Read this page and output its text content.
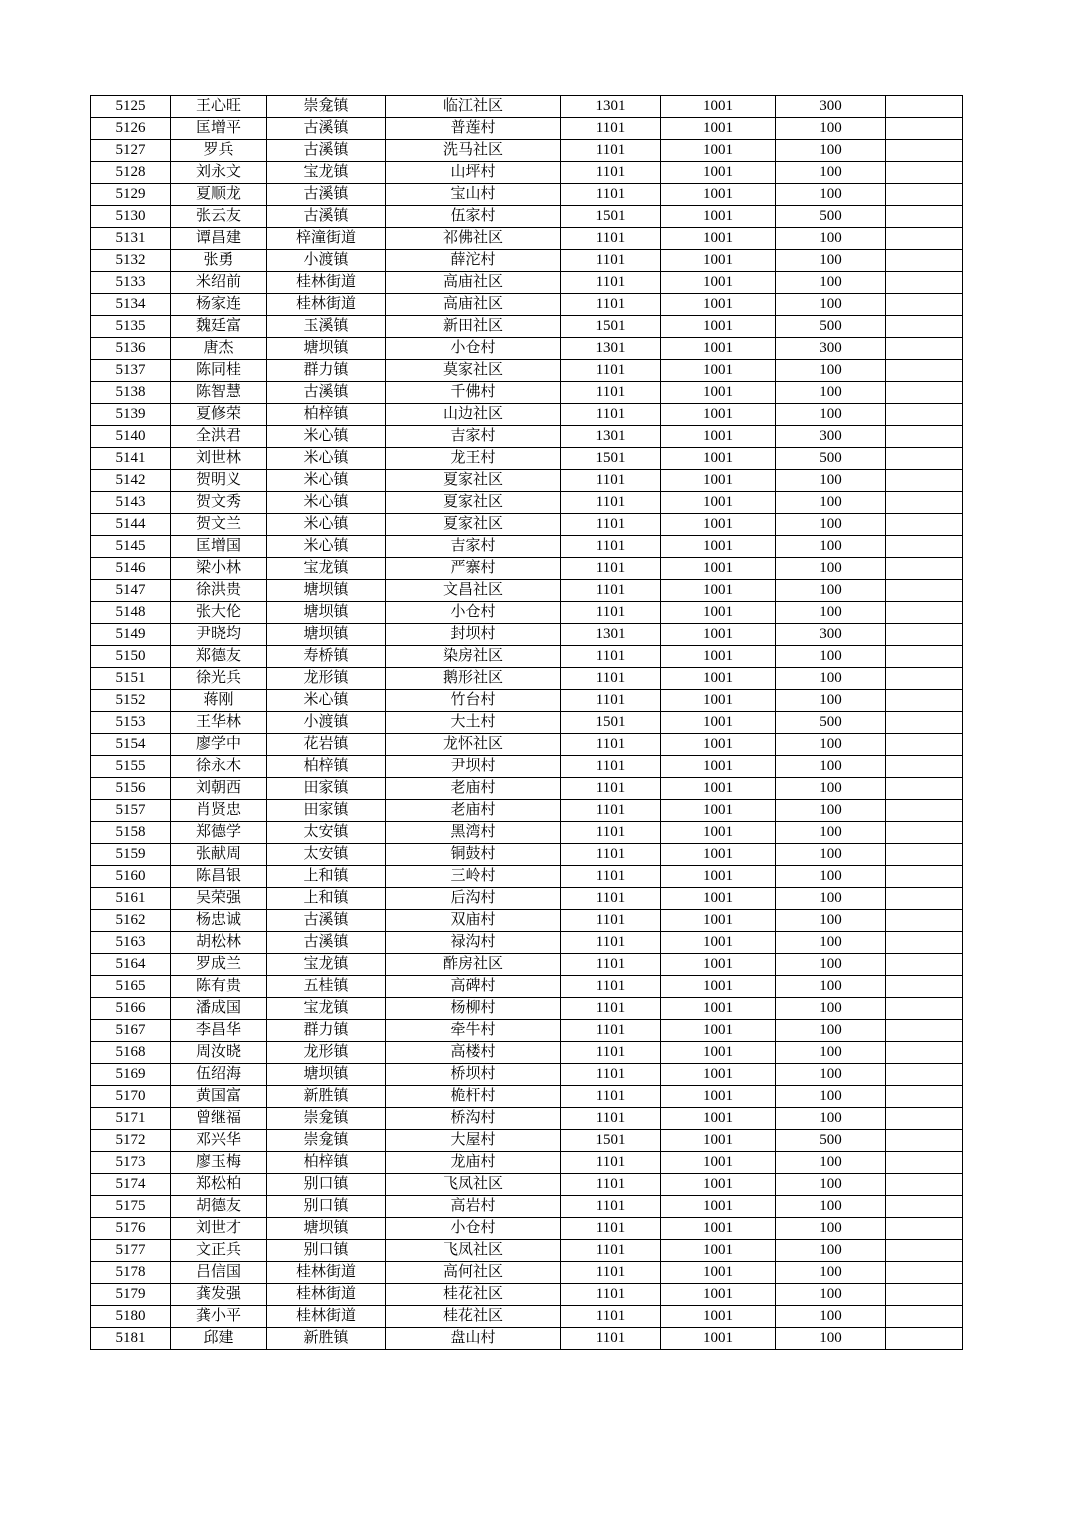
5125	王心旺	崇龛镇	临江社区	1301	1001	300	
5126	匡增平	古溪镇	普莲村	1101	1001	100	
5127	罗兵	古溪镇	洗马社区	1101	1001	100	
5128	刘永文	宝龙镇	山坪村	1101	1001	100	
5129	夏顺龙	古溪镇	宝山村	1101	1001	100	
5130	张云友	古溪镇	伍家村	1501	1001	500	
5131	谭昌建	梓潼街道	祁佛社区	1101	1001	100	
5132	张勇	小渡镇	薛沱村	1101	1001	100	
5133	米绍前	桂林街道	高庙社区	1101	1001	100	
5134	杨家连	桂林街道	高庙社区	1101	1001	100	
5135	魏廷富	玉溪镇	新田社区	1501	1001	500	
5136	唐杰	塘坝镇	小仓村	1301	1001	300	
5137	陈同桂	群力镇	莫家社区	1101	1001	100	
5138	陈智慧	古溪镇	千佛村	1101	1001	100	
5139	夏修荣	柏梓镇	山边社区	1101	1001	100	
5140	全洪君	米心镇	吉家村	1301	1001	300	
5141	刘世林	米心镇	龙王村	1501	1001	500	
5142	贺明义	米心镇	夏家社区	1101	1001	100	
5143	贺文秀	米心镇	夏家社区	1101	1001	100	
5144	贺文兰	米心镇	夏家社区	1101	1001	100	
5145	匡增国	米心镇	吉家村	1101	1001	100	
5146	梁小林	宝龙镇	严寨村	1101	1001	100	
5147	徐洪贵	塘坝镇	文昌社区	1101	1001	100	
5148	张大伦	塘坝镇	小仓村	1101	1001	100	
5149	尹晓均	塘坝镇	封坝村	1301	1001	300	
5150	郑德友	寿桥镇	染房社区	1101	1001	100	
5151	徐光兵	龙形镇	鹅形社区	1101	1001	100	
5152	蒋刚	米心镇	竹台村	1101	1001	100	
5153	王华林	小渡镇	大土村	1501	1001	500	
5154	廖学中	花岩镇	龙怀社区	1101	1001	100	
5155	徐永木	柏梓镇	尹坝村	1101	1001	100	
5156	刘朝西	田家镇	老庙村	1101	1001	100	
5157	肖贤忠	田家镇	老庙村	1101	1001	100	
5158	郑德学	太安镇	黑湾村	1101	1001	100	
5159	张献周	太安镇	铜鼓村	1101	1001	100	
5160	陈昌银	上和镇	三岭村	1101	1001	100	
5161	吴荣强	上和镇	后沟村	1101	1001	100	
5162	杨忠诚	古溪镇	双庙村	1101	1001	100	
5163	胡松林	古溪镇	禄沟村	1101	1001	100	
5164	罗成兰	宝龙镇	酢房社区	1101	1001	100	
5165	陈有贵	五桂镇	高碑村	1101	1001	100	
5166	潘成国	宝龙镇	杨柳村	1101	1001	100	
5167	李昌华	群力镇	牵牛村	1101	1001	100	
5168	周汝晓	龙形镇	高楼村	1101	1001	100	
5169	伍绍海	塘坝镇	桥坝村	1101	1001	100	
5170	黄国富	新胜镇	桅杆村	1101	1001	100	
5171	曾继福	崇龛镇	桥沟村	1101	1001	100	
5172	邓兴华	崇龛镇	大屋村	1501	1001	500	
5173	廖玉梅	柏梓镇	龙庙村	1101	1001	100	
5174	郑松柏	别口镇	飞凤社区	1101	1001	100	
5175	胡德友	别口镇	高岩村	1101	1001	100	
5176	刘世才	塘坝镇	小仓村	1101	1001	100	
5177	文正兵	别口镇	飞凤社区	1101	1001	100	
5178	吕信国	桂林街道	高何社区	1101	1001	100	
5179	龚发强	桂林街道	桂花社区	1101	1001	100	
5180	龚小平	桂林街道	桂花社区	1101	1001	100	
5181	邱建	新胜镇	盘山村	1101	1001	100	
